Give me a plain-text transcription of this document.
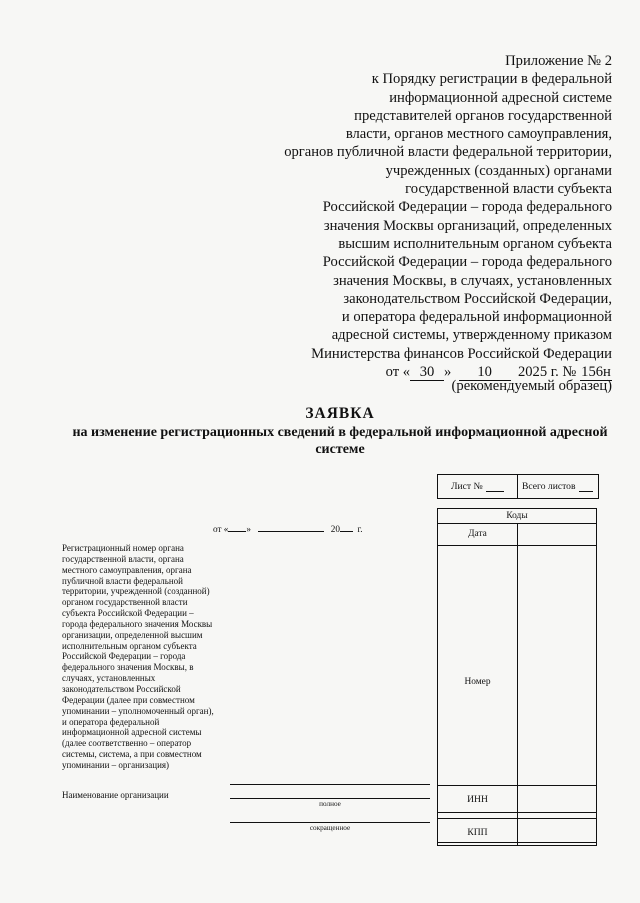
Приложение № 2
к Порядку регистрации в федеральной
информационной адресной системе
представителей органов государственной
власти, органов местного самоуправления,
органов публичной власти федеральной территории,
учрежденных (созданных) органами
государственной власти субъекта
Российской Федерации – города федерального
значения Москвы организаций, определенных
высшим исполнительным органом субъекта
Российской Федерации – города федерального
значения Москвы, в случаях, установленных
законодательством Российской Федерации,
и оператора федеральной информационной
адресной системы, утвержденному приказом
Министерства финансов Российской Федерации
от « 30 » 10 2025 г. № 156н
(рекомендуемый образец)
ЗАЯВКА
на изменение регистрационных сведений в федеральной информационной адресной системе
Лист №	Всего листов
от « »	20 г.
Коды
Дата
Номер
ИНН
КПП
Регистрационный номер органа государственной власти, органа местного самоуправления, органа публичной власти федеральной территории, учрежденной (созданной) органом государственной власти субъекта Российской Федерации – города федерального значения Москвы организации, определенной высшим исполнительным органом субъекта Российской Федерации – города федерального значения Москвы, в случаях, установленных законодательством Российской Федерации (далее при совместном упоминании – уполномоченный орган), и оператора федеральной информационной адресной системы (далее соответственно – оператор системы, система, а при совместном упоминании – организация)
Наименование организации
полное
сокращенное
